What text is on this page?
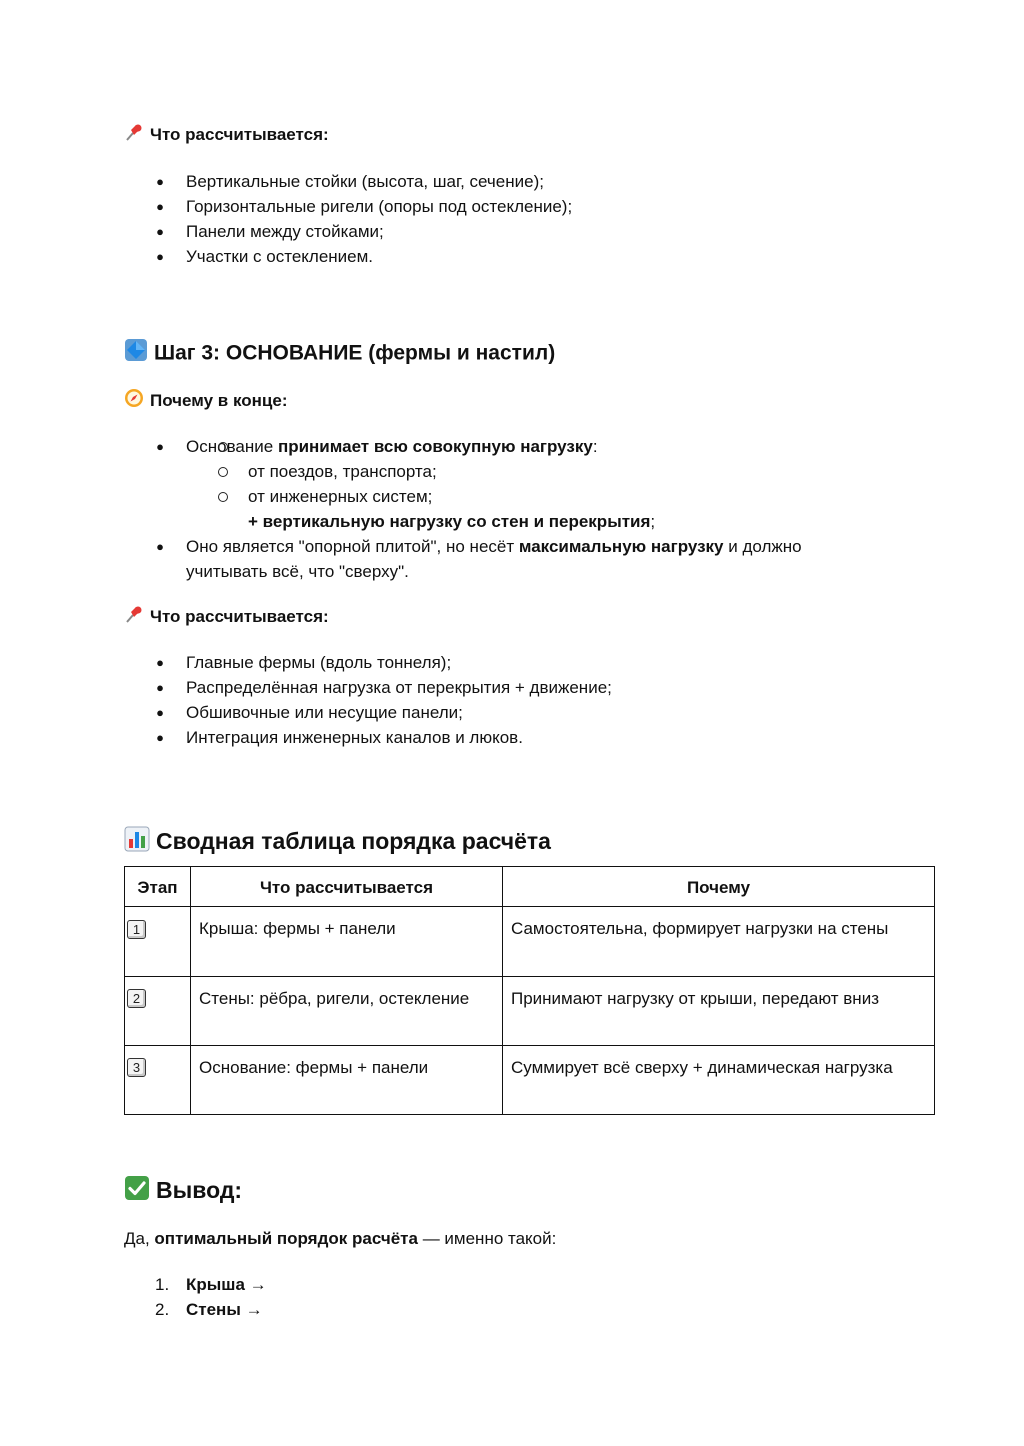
Что рассчитывается:
● Вертикальные стойки (высота, шаг, сечение);
● Горизонтальные ригели (опоры под остекление);
● Панели между стойками;
● Участки с остеклением.
Шаг 3: ОСНОВАНИЕ (фермы и настил)
Почему в конце:
● Основание принимает всю совокупную нагрузку:
от поездов, транспорта;
от инженерных систем;
+ вертикальную нагрузку со стен и перекрытия;
● Оно является "опорной плитой", но несёт максимальную нагрузку и должно
учитывать всё, что "сверху".
Что рассчитывается:
● Главные фермы (вдоль тоннеля);
● Распределённая нагрузка от перекрытия + движение;
● Обшивочные или несущие панели;
● Интеграция инженерных каналов и люков.
Сводная таблица порядка расчёта
Этап	Что рассчитывается	Почему

1	Крыша: фермы + панели	Самостоятельна, формирует нагрузки на стены

2	Стены: рёбра, ригели, остекление	Принимают нагрузку от крыши, передают вниз

3	Основание: фермы + панели	Суммирует всё сверху + динамическая нагрузка
Вывод:
Да, оптимальный порядок расчёта — именно такой:
1. Крыша →
2. Стены →
